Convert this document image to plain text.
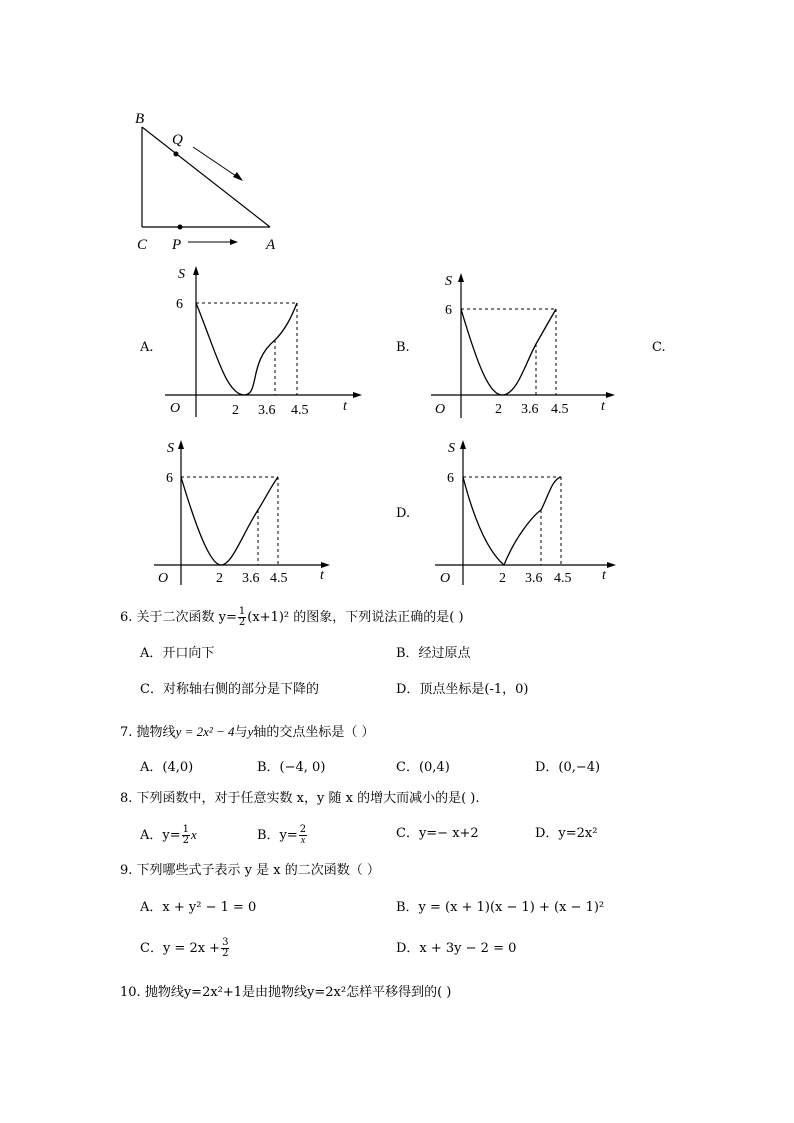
B
Q
C P	A
A.
S
6
O	2 3.6 4.5 t
B.
S
6
O	2 3.6 4.5 t
C.
S
6
O	2 3.6 4.5 t
D.
S
6
O	2 3.6 4.5 t
6. 关于二次函数 $y= \frac{1}{2} (x+1)^2$ 的图象，下列说法正确的是( )
A．开口向下	B．经过原点
C．对称轴右侧的部分是下降的	D．顶点坐标是(-1，0)
7. 抛物线y = 2x² − 4与y轴的交点坐标是（ ）
A．(4,0)	B．(−4, 0)	C．(0,4)	D．(0,−4)
8. 下列函数中，对于任意实数 x，y 随 x 的增大而减小的是( ).
A．$y= \frac{1}{2}$ x	B．$y= \frac{2}{x}$	C．y=− x+2	D．y=2x²
9. 下列哪些式子表示 y 是 x 的二次函数（ ）
A．x + y² − 1 = 0	B．y = (x + 1)(x − 1) + (x − 1)²
C．$y = 2x + \frac{3}{2}$	D．x + 3y − 2 = 0
10. 抛物线y=2x²+1是由抛物线y=2x²怎样平移得到的( )
